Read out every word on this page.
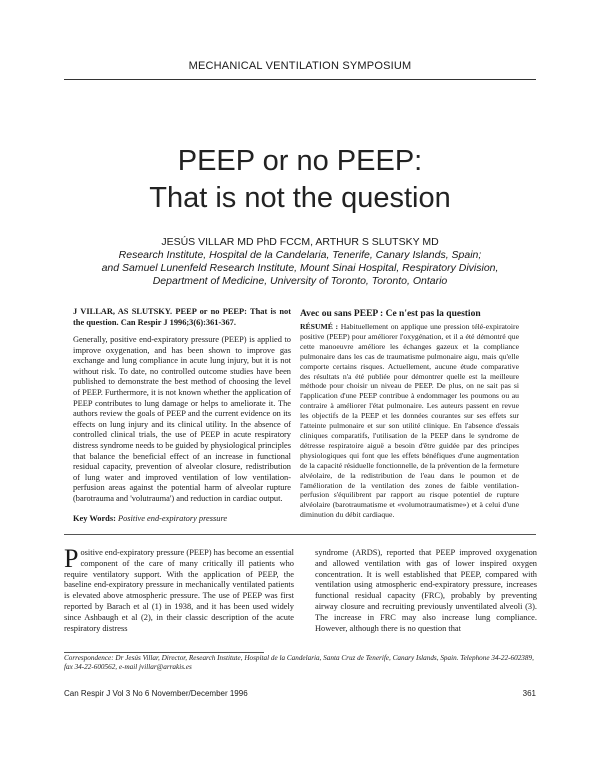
MECHANICAL VENTILATION SYMPOSIUM
PEEP or no PEEP:
That is not the question
JESÚS VILLAR MD PhD FCCM, ARTHUR S SLUTSKY MD
Research Institute, Hospital de la Candelaria, Tenerife, Canary Islands, Spain;
and Samuel Lunenfeld Research Institute, Mount Sinai Hospital, Respiratory Division,
Department of Medicine, University of Toronto, Toronto, Ontario
J VILLAR, AS SLUTSKY. PEEP or no PEEP: That is not the question. Can Respir J 1996;3(6):361-367.
Generally, positive end-expiratory pressure (PEEP) is applied to improve oxygenation, and has been shown to improve gas exchange and lung compliance in acute lung injury, but it is not without risk. To date, no controlled outcome studies have been published to demonstrate the best method of choosing the level of PEEP. Furthermore, it is not known whether the application of PEEP contributes to lung damage or helps to ameliorate it. The authors review the goals of PEEP and the current evidence on its effects on lung injury and its clinical utility. In the absence of controlled clinical trials, the use of PEEP in acute respiratory distress syndrome needs to be guided by physiological principles that balance the beneficial effect of an increase in functional residual capacity, prevention of alveolar closure, redistribution of lung water and improved ventilation of low ventilation-perfusion areas against the potential harm of alveolar rupture (barotrauma and 'volutrauma') and reduction in cardiac output.
Key Words: Positive end-expiratory pressure
Avec ou sans PEEP : Ce n'est pas la question
RÉSUMÉ : Habituellement on applique une pression télé-expiratoire positive (PEEP) pour améliorer l'oxygénation, et il a été démontré que cette manoeuvre améliore les échanges gazeux et la compliance pulmonaire dans les cas de traumatisme pulmonaire aigu, mais qu'elle comporte certains risques. Actuellement, aucune étude comparative des résultats n'a été publiée pour démontrer quelle est la meilleure méthode pour choisir un niveau de PEEP. De plus, on ne sait pas si l'application d'une PEEP contribue à endommager les poumons ou au contraire à améliorer l'état pulmonaire. Les auteurs passent en revue les objectifs de la PEEP et les données courantes sur ses effets sur l'atteinte pulmonaire et sur son utilité clinique. En l'absence d'essais cliniques comparatifs, l'utilisation de la PEEP dans le syndrome de détresse respiratoire aiguë a besoin d'être guidée par des principes physiologiques qui font que les effets bénéfiques d'une augmentation de la capacité résiduelle fonctionnelle, de la prévention de la fermeture alvéolaire, de la redistribution de l'eau dans le poumon et de l'amélioration de la ventilation des zones de faible ventilation-perfusion s'équilibrent par rapport au risque potentiel de rupture alvéolaire (barotraumatisme et «volumotraumatisme») et à celui d'une diminution du débit cardiaque.
P ositive end-expiratory pressure (PEEP) has become an essential component of the care of many critically ill patients who require ventilatory support. With the application of PEEP, the baseline end-expiratory pressure in mechanically ventilated patients is elevated above atmospheric pressure. The use of PEEP was first reported by Barach et al (1) in 1938, and it has been used widely since Ashbaugh et al (2), in their classic description of the acute respiratory distress
syndrome (ARDS), reported that PEEP improved oxygenation and allowed ventilation with gas of lower inspired oxygen concentration. It is well established that PEEP, compared with ventilation using atmospheric end-expiratory pressure, increases functional residual capacity (FRC), probably by preventing airway closure and recruiting previously unventilated alveoli (3). The increase in FRC may also increase lung compliance. However, although there is no question that
Correspondence: Dr Jesús Villar, Director, Research Institute, Hospital de la Candelaria, Santa Cruz de Tenerife, Canary Islands, Spain. Telephone 34-22-602389, fax 34-22-600562, e-mail jvillar@arrakis.es
Can Respir J Vol 3 No 6 November/December 1996	361
